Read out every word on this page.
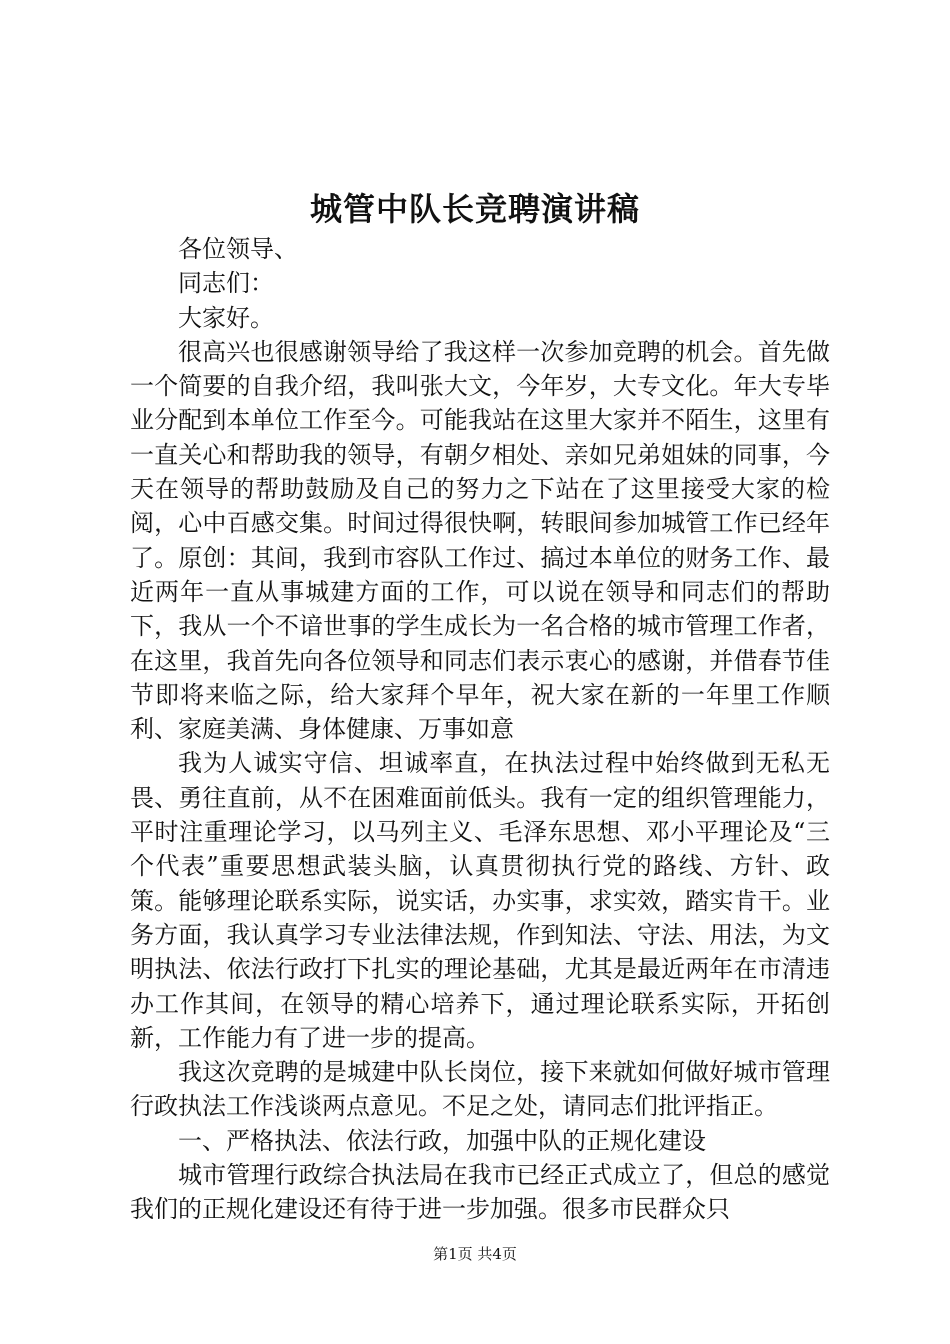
城管中队长竞聘演讲稿

各位领导、

同志们：

大家好。

很高兴也很感谢领导给了我这样一次参加竞聘的机会。首先做一个简要的自我介绍，我叫张大文，今年岁，大专文化。年大专毕业分配到本单位工作至今。可能我站在这里大家并不陌生，这里有一直关心和帮助我的领导，有朝夕相处、亲如兄弟姐妹的同事，今天在领导的帮助鼓励及自己的努力之下站在了这里接受大家的检阅，心中百感交集。时间过得很快啊，转眼间参加城管工作已经年了。原创：其间，我到市容队工作过、搞过本单位的财务工作、最近两年一直从事城建方面的工作，可以说在领导和同志们的帮助下，我从一个不谙世事的学生成长为一名合格的城市管理工作者，在这里，我首先向各位领导和同志们表示衷心的感谢，并借春节佳节即将来临之际，给大家拜个早年，祝大家在新的一年里工作顺利、家庭美满、身体健康、万事如意

我为人诚实守信、坦诚率直，在执法过程中始终做到无私无畏、勇往直前，从不在困难面前低头。我有一定的组织管理能力，平时注重理论学习，以马列主义、毛泽东思想、邓小平理论及“三个代表”重要思想武装头脑，认真贯彻执行党的路线、方针、政策。能够理论联系实际，说实话，办实事，求实效，踏实肯干。业务方面，我认真学习专业法律法规，作到知法、守法、用法，为文明执法、依法行政打下扎实的理论基础，尤其是最近两年在市清违办工作其间，在领导的精心培养下，通过理论联系实际，开拓创新，工作能力有了进一步的提高。

我这次竞聘的是城建中队长岗位，接下来就如何做好城市管理行政执法工作浅谈两点意见。不足之处，请同志们批评指正。

一、严格执法、依法行政，加强中队的正规化建设

城市管理行政综合执法局在我市已经正式成立了，但总的感觉我们的正规化建设还有待于进一步加强。很多市民群众只

第1页 共4页
